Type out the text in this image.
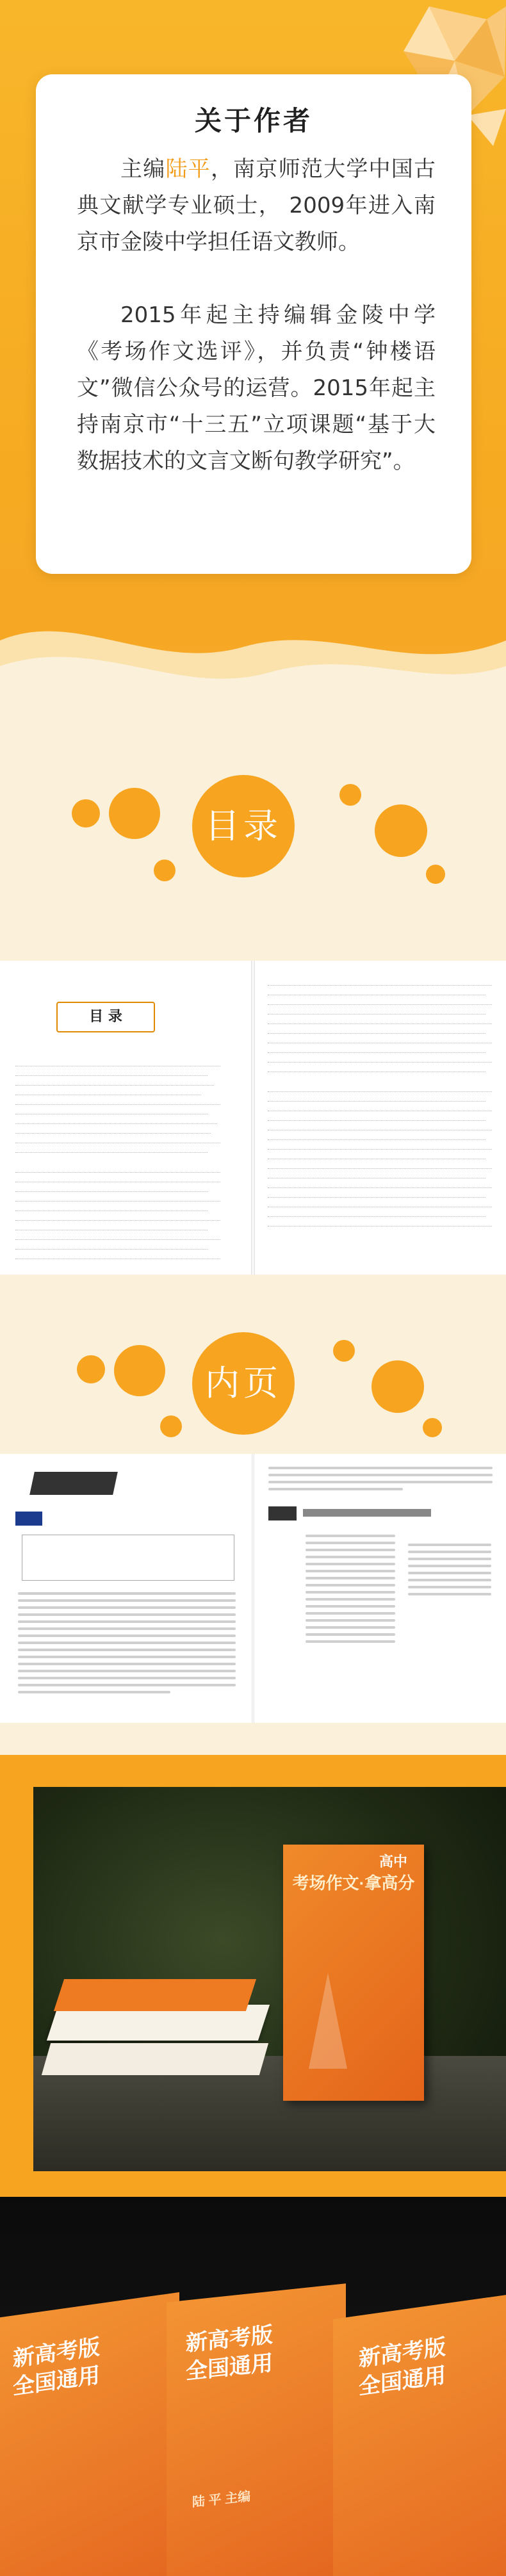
关于作者

主编陆平，南京师范大学中国古典文献学专业硕士， 2009年进入南京市金陵中学担任语文教师。

2015年起主持编辑金陵中学《考场作文选评》，并负责“钟楼语文”微信公众号的运营。2015年起主持南京市“十三五”立项课题“基于大数据技术的文言文断句教学研究”。

目录
目 录
内页
考场作文·拿高分
高中
新高考版
全国通用
新高考版
全国通用
陆 平 主编
新高考版
全国通用
